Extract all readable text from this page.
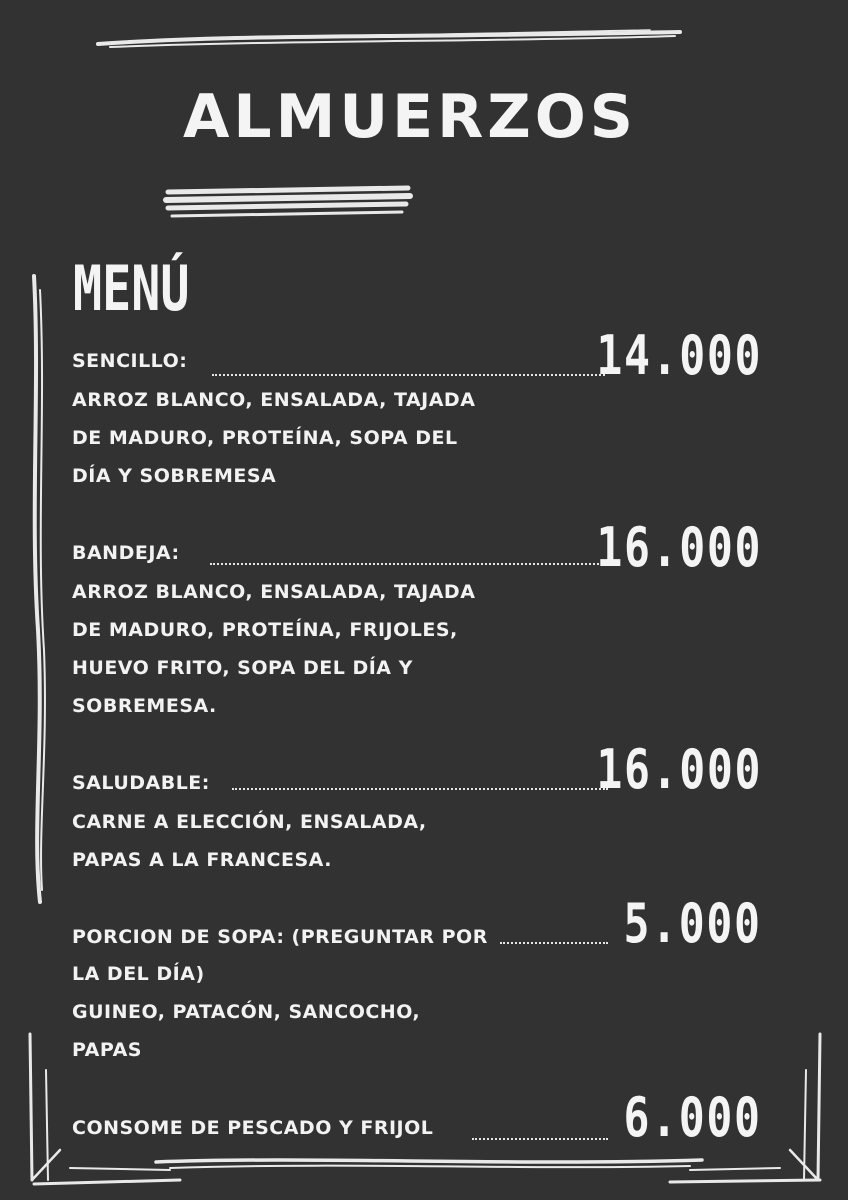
ALMUERZOS
MENÚ
SENCILLO:	14.000
ARROZ BLANCO, ENSALADA, TAJADA
DE MADURO, PROTEÍNA, SOPA DEL
DÍA Y SOBREMESA
BANDEJA:	16.000
ARROZ BLANCO, ENSALADA, TAJADA
DE MADURO, PROTEÍNA, FRIJOLES,
HUEVO FRITO, SOPA DEL DÍA Y
SOBREMESA.
SALUDABLE:	16.000
CARNE A ELECCIÓN, ENSALADA,
PAPAS A LA FRANCESA.
PORCION DE SOPA: (PREGUNTAR POR	5.000
LA DEL DÍA)
GUINEO, PATACÓN, SANCOCHO,
PAPAS
CONSOME DE PESCADO Y FRIJOL	6.000
